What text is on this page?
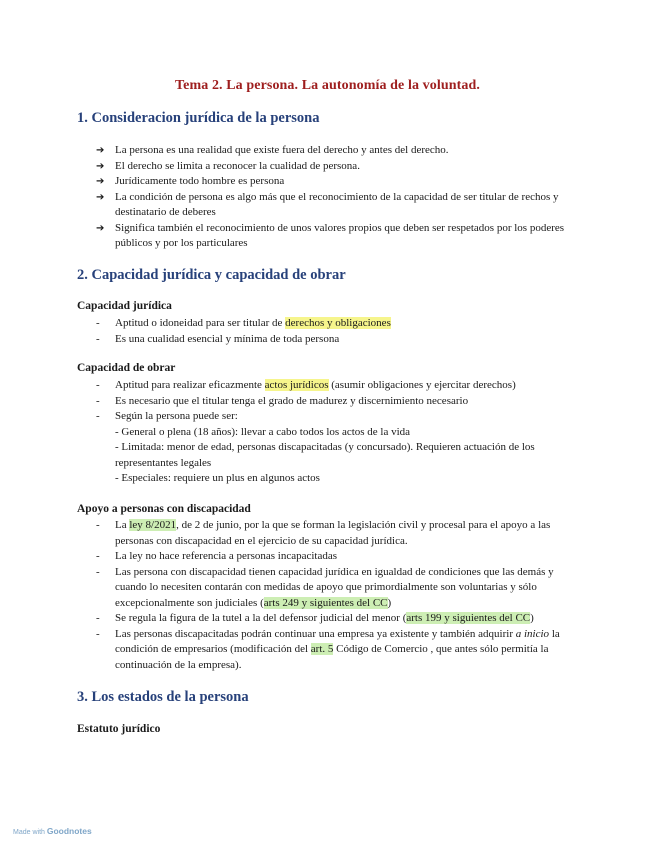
Tema 2. La persona. La autonomía de la voluntad.
1. Consideracion jurídica de la persona
➔ La persona es una realidad que existe fuera del derecho y antes del derecho.
➔ El derecho se limita a reconocer la cualidad de persona.
➔ Jurídicamente todo hombre es persona
➔ La condición de persona es algo más que el reconocimiento de la capacidad de ser titular de rechos y destinatario de deberes
➔ Significa también el reconocimiento de unos valores propios que deben ser respetados por los poderes públicos y por los particulares
2. Capacidad jurídica y capacidad de obrar
Capacidad jurídica
- Aptitud o idoneidad para ser titular de derechos y obligaciones
- Es una cualidad esencial y mínima de toda persona
Capacidad de obrar
- Aptitud para realizar eficazmente actos jurídicos (asumir obligaciones y ejercitar derechos)
- Es necesario que el titular tenga el grado de madurez y discernimiento necesario
- Según la persona puede ser:
- General o plena (18 años): llevar a cabo todos los actos de la vida
- Limitada: menor de edad, personas discapacitadas (y concursado). Requieren actuación de los representantes legales
- Especiales: requiere un plus en algunos actos
Apoyo a personas con discapacidad
- La ley 8/2021, de 2 de junio, por la que se forman la legislación civil y procesal para el apoyo a las personas con discapacidad en el ejercicio de su capacidad jurídica.
- La ley no hace referencia a personas incapacitadas
- Las persona con discapacidad tienen capacidad jurídica en igualdad de condiciones que las demás y cuando lo necesiten contarán con medidas de apoyo que primordialmente son voluntarias y sólo excepcionalmente son judiciales (arts 249 y siguientes del CC)
- Se regula la figura de la tutel a la del defensor judicial del menor (arts 199 y siguientes del CC)
- Las personas discapacitadas podrán continuar una empresa ya existente y también adquirir a inicio la condición de empresarios (modificación del art. 5 Código de Comercio , que antes sólo permitía la continuación de la empresa).
3. Los estados de la persona
Estatuto jurídico
Made with Goodnotes
